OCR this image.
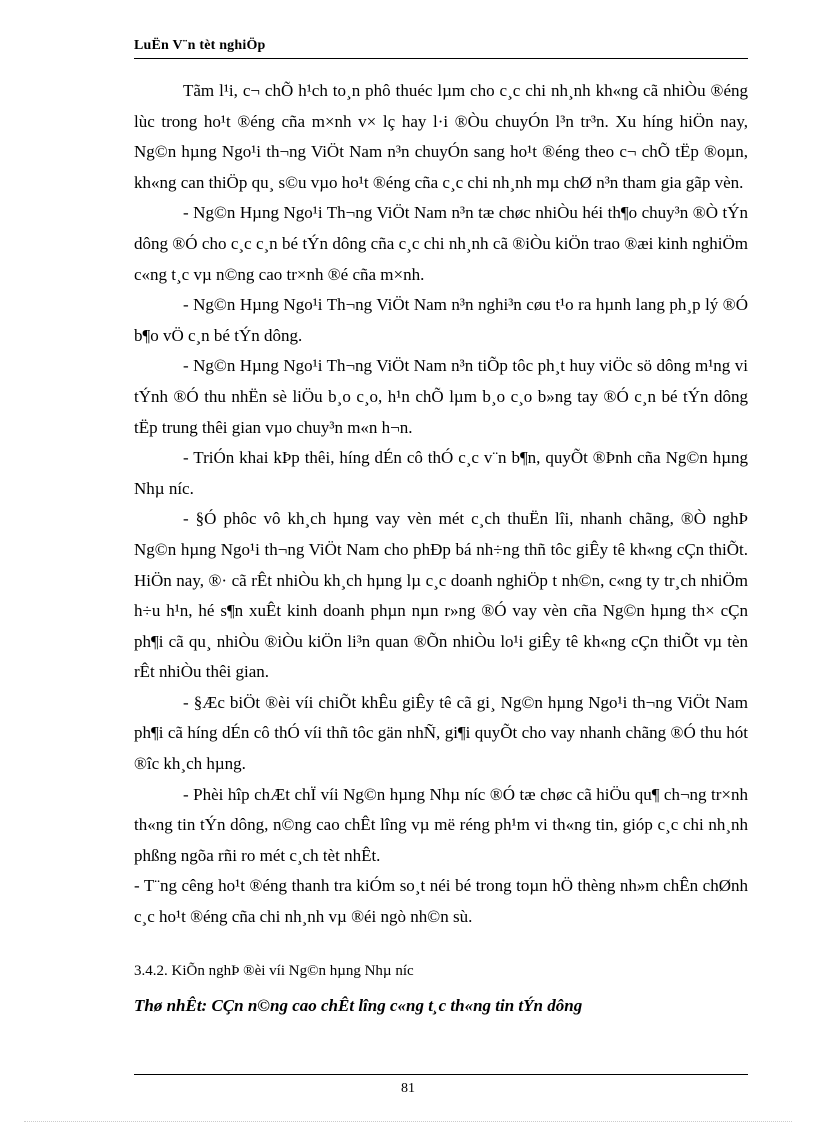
LuËn V¨n tèt nghiÖp

Tãm l¹i, c¬ chÕ h¹ch to¸n phô thuéc lµm cho c¸c chi nh¸nh kh«ng cã nhiÒu ®éng lùc trong ho¹t ®éng cña m×nh v× lç hay l·i ®Òu chuyÓn l³n tr³n. Xu híng hiÖn nay, Ng©n hµng Ngo¹i th¬ng ViÖt Nam n³n chuyÓn sang ho¹t ®éng theo c¬ chÕ tËp ®oµn, kh«ng can thiÖp qu¸ s©u vµo ho¹t ®éng cña c¸c chi nh¸nh mµ chØ n³n tham gia gãp vèn.

- Ng©n Hµng Ngo¹i Th¬ng ViÖt Nam n³n tæ chøc nhiÒu héi th¶o chuy³n ®Ò tÝn dông ®Ó cho c¸c c¸n bé tÝn dông cña c¸c chi nh¸nh cã ®iÒu kiÖn trao ®æi kinh nghiÖm c«ng t¸c vµ n©ng cao tr×nh ®é cña m×nh.

- Ng©n Hµng Ngo¹i Th¬ng ViÖt Nam n³n nghi³n cøu t¹o ra hµnh lang ph¸p lý ®Ó b¶o vÖ c¸n bé tÝn dông.

- Ng©n Hµng Ngo¹i Th¬ng ViÖt Nam n³n tiÕp tôc ph¸t huy viÖc sö dông m¹ng vi tÝnh ®Ó thu nhËn sè liÖu b¸o c¸o, h¹n chÕ lµm b¸o c¸o b»ng tay ®Ó c¸n bé tÝn dông tËp trung thêi gian vµo chuy³n m«n h¬n.

- TriÓn khai kÞp thêi, híng dÉn cô thÓ c¸c v¨n b¶n, quyÕt ®Þnh cña Ng©n hµng Nhµ níc.

- §Ó phôc vô kh¸ch hµng vay vèn mét c¸ch thuËn lîi, nhanh chãng, ®Ò nghÞ Ng©n hµng Ngo¹i th¬ng ViÖt Nam cho phÐp bá nh÷ng thñ tôc giÊy tê kh«ng cÇn thiÕt. HiÖn nay, ®· cã rÊt nhiÒu kh¸ch hµng lµ c¸c doanh nghiÖp t nh©n, c«ng ty tr¸ch nhiÖm h÷u h¹n, hé s¶n xuÊt kinh doanh phµn nµn r»ng ®Ó vay vèn cña Ng©n hµng th× cÇn ph¶i cã qu¸ nhiÒu ®iÒu kiÖn li³n quan ®Õn nhiÒu lo¹i giÊy tê kh«ng cÇn thiÕt vµ tèn rÊt nhiÒu thêi gian.

- §Æc biÖt ®èi víi chiÕt khÊu giÊy tê cã gi¸ Ng©n hµng Ngo¹i th¬ng ViÖt Nam ph¶i cã híng dÉn cô thÓ víi thñ tôc gän nhÑ, gi¶i quyÕt cho vay nhanh chãng ®Ó thu hót ®îc kh¸ch hµng.

- Phèi hîp chÆt chÏ víi Ng©n hµng Nhµ níc ®Ó tæ chøc cã hiÖu qu¶ ch¬ng tr×nh th«ng tin tÝn dông, n©ng cao chÊt lîng vµ më réng ph¹m vi th«ng tin, gióp c¸c chi nh¸nh phßng ngõa rñi ro mét c¸ch tèt nhÊt.

- T¨ng cêng ho¹t ®éng thanh tra kiÓm so¸t néi bé trong toµn hÖ thèng nh»m chÊn chØnh c¸c ho¹t ®éng cña chi nh¸nh vµ ®éi ngò nh©n sù.

3.4.2. KiÕn nghÞ ®èi víi Ng©n hµng Nhµ níc
Thø nhÊt: CÇn n©ng cao chÊt lîng c«ng t¸c th«ng tin tÝn dông
81
